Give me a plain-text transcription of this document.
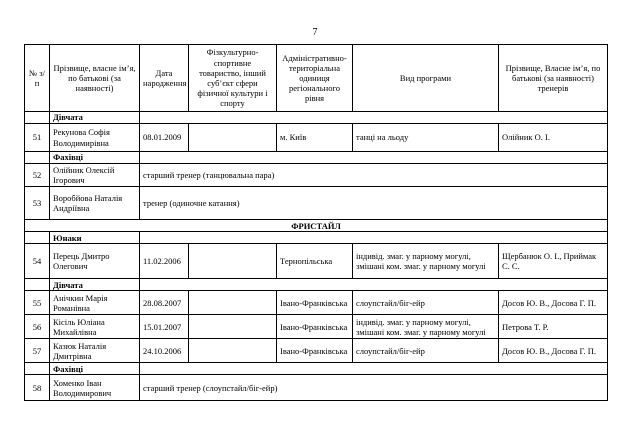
7
№ з/п	Прізвище, власне ім’я, по батькові (за наявності)	Дата народження	Фізкультурно-спортивне товариство, інший суб’єкт сфери фізичної культури і спорту	Адміністративно-територіальна одиниця регіонального рівня	Вид програми	Прізвище, Власне ім’я, по батькові (за наявності) тренерів
	Дівчата					
51	Рекунова Софія Володимирівна	08.01.2009		м. Київ	танці на льоду	Олійник О. І.
	Фахівці					
52	Олійник Олексій Ігорович	старший тренер (танцювальна пара)				
53	Воробйова Наталія Андріївна	тренер (одиночне катання)				
ФРИСТАЙЛ						
	Юнаки					
54	Перець Дмитро Олегович	11.02.2006		Тернопільська	індивід. змаг. у парному могулі, змішані ком. змаг. у парному могулі	Щербанюк О. І., Приймак С. С.
	Дівчата					
55	Анічкин Марія Романівна	28.08.2007		Івано-Франківська	слоупстайл/біг-ейр	Досов Ю. В., Досова Г. П.
56	Кісіль Юліана Михайлівна	15.01.2007		Івано-Франківська	індивід. змаг. у парному могулі, змішані ком. змаг. у парному могулі	Петрова Т. Р.
57	Казюк Наталія Дмитрівна	24.10.2006		Івано-Франківська	слоупстайл/біг-ейр	Досов Ю. В., Досова Г. П.
	Фахівці					
58	Хоменко Іван Володимирович	старший тренер (слоупстайл/біг-ейр)				
